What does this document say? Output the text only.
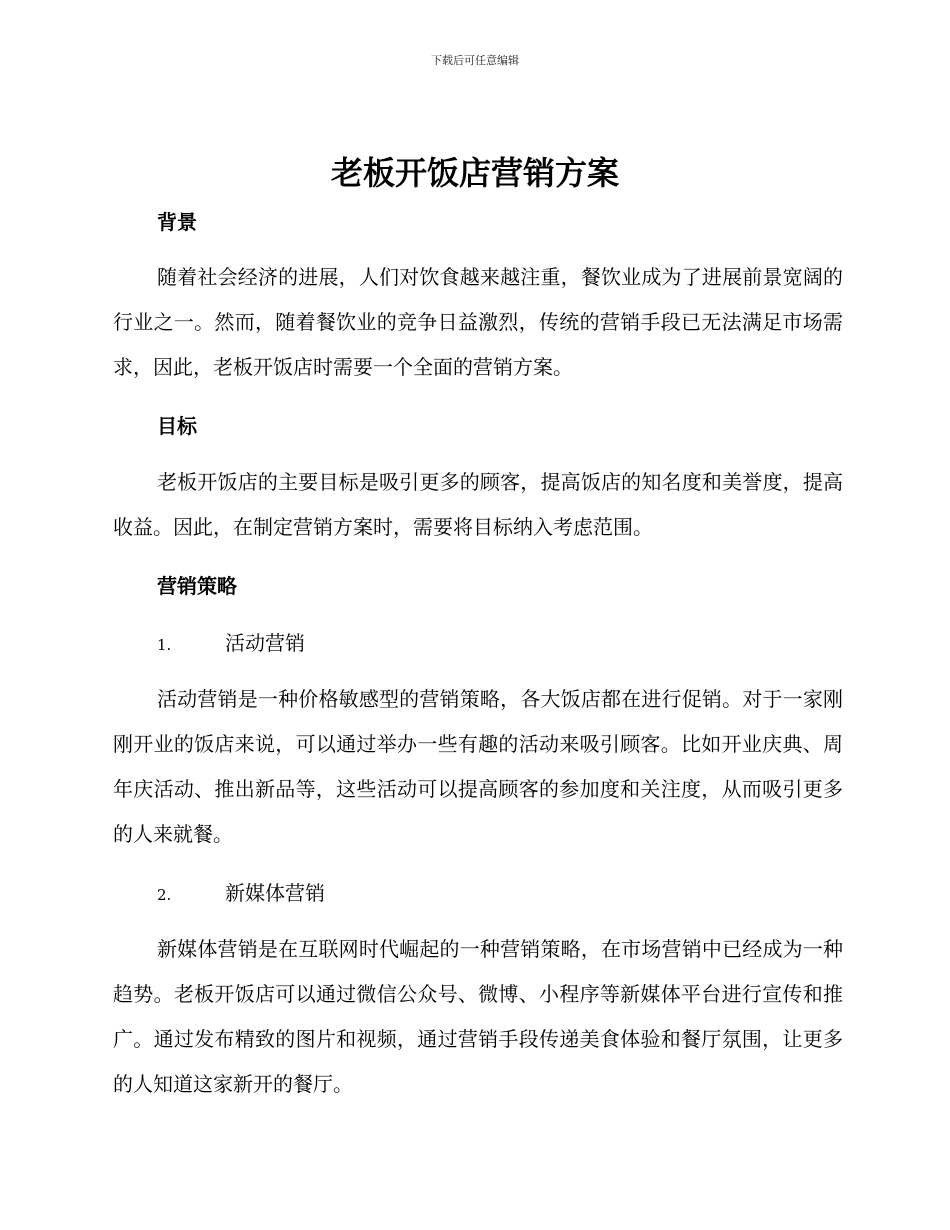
下载后可任意编辑
老板开饭店营销方案
背景

随着社会经济的进展，人们对饮食越来越注重，餐饮业成为了进展前景宽阔的行业之一。然而，随着餐饮业的竞争日益激烈，传统的营销手段已无法满足市场需求，因此，老板开饭店时需要一个全面的营销方案。

目标

老板开饭店的主要目标是吸引更多的顾客，提高饭店的知名度和美誉度，提高收益。因此，在制定营销方案时，需要将目标纳入考虑范围。

营销策略
1.	活动营销

活动营销是一种价格敏感型的营销策略，各大饭店都在进行促销。对于一家刚刚开业的饭店来说，可以通过举办一些有趣的活动来吸引顾客。比如开业庆典、周年庆活动、推出新品等，这些活动可以提高顾客的参加度和关注度，从而吸引更多的人来就餐。

2.	新媒体营销

新媒体营销是在互联网时代崛起的一种营销策略，在市场营销中已经成为一种趋势。老板开饭店可以通过微信公众号、微博、小程序等新媒体平台进行宣传和推广。通过发布精致的图片和视频，通过营销手段传递美食体验和餐厅氛围，让更多的人知道这家新开的餐厅。
